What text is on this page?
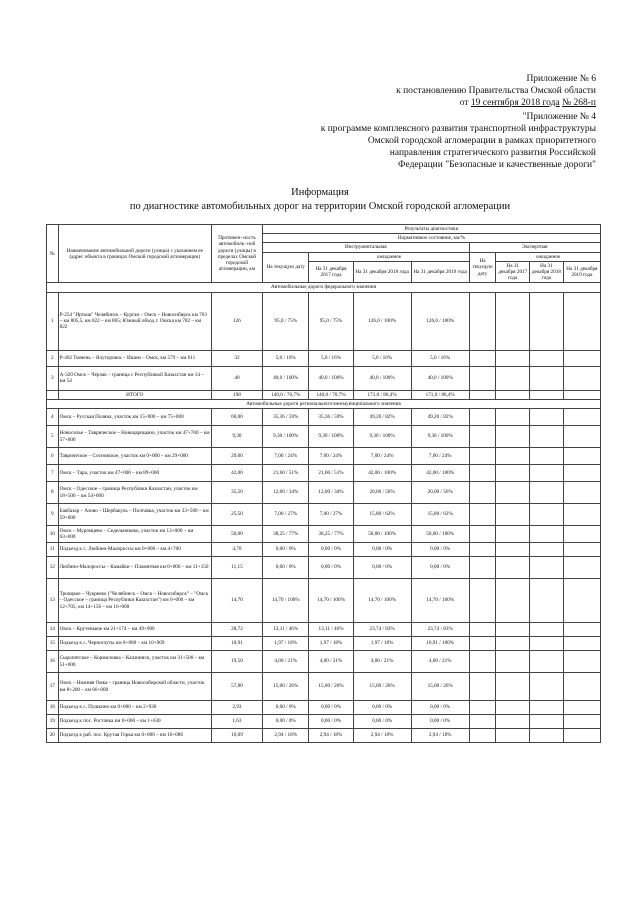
Приложение № 6
к постановлению Правительства Омской области
от 19 сентября 2018 года № 268-п
"Приложение № 4
к программе комплексного развития транспортной инфраструктуры
Омской городской агломерации в рамках приоритетного
направления стратегического развития Российской
Федерации "Безопасные и качественные дороги"
Информация
по диагностике автомобильных дорог на территории Омской городской агломерации
№	Наименование автомобильной дороги (улицы) с указанием ее (адрес объекта в границах Омской городской агломерации)	Протяжен- ность автомобиль- ной дороги (улицы) в пределах Омской городской агломерации, км	Результаты диагностики							
			Нормативное состояние, км/%							
			Инструментальная				Экспертная			
			На текущую дату	ожидаемое			На текущую дату	ожидаемое		
				На 31 декабря 2017 года	На 31 декабря 2018 года	На 31 декабря 2019 года		На 31 декабря 2017 года	На 31 декабря 2018 года	На 31 декабря 2019 года
Автомобильные дороги федерального значения										
1	Р-254 "Иртыш" Челябинск – Курган – Омск – Новосибирск км 763 – км 805,5, км 822 – км 865; Южный обход г. Омска км 782 – км 822	126	95,0 / 75%	95,0 / 75%	126,0 / 100%	126,0 / 100%				
2	Р-402 Тюмень – Ялуторовск – Ишим – Омск, км 579 – км 611	32	5,0 / 16%	5,0 / 16%	5,0 / 16%	5,0 / 16%				
3	А-320 Омск – Черлак – граница с Республикой Казахстан км 14 – км 54	40	40,0 / 100%	40,0 / 100%	40,0 / 100%	40,0 / 100%				
	ИТОГО	198	140,0 / 70,7%	140,0 / 70,7%	171,0 / 86,4%	171,0 / 86,4%				
Автомобильные дороги регионального/межмуниципального значения										
4	Омск – Русская Поляна, участок км 15+000 – км 75+000	60,00	35,36 / 59%	35,36 / 59%	49,20 / 82%	49,20 / 82%				
5	Новоселье – Таврическое – Новоцарицыно, участок км 47+700 – км 57+000	9,30	9,30 / 100%	9,30 / 100%	9,30 / 100%	9,30 / 100%				
6	Таврическое – Сосновское, участок км 0+000 – км 29+000	29,00	7,00 / 24%	7,00 / 24%	7,00 / 24%	7,00 / 24%				
7	Омск – Тара, участок км 47+000 – км 89+000	42,00	21,60 / 51%	21,60 / 51%	42,00 / 100%	42,00 / 100%				
8	Омск – Одесское – граница Республики Казахстан, участок км 18+500 – км 54+000	35,50	12,00 / 34%	12,00 / 34%	20,00 / 56%	20,00 / 56%				
9	Бакбазар – Азово – Шербакуль – Полтавка, участок км 33+500 – км 59+000	25,50	7,00 / 27%	7,00 / 27%	15,80 / 62%	15,80 / 62%				
10	Омск – Муромцево – Седельниково, участок км 13+000 – км 63+000	50,00	38,25 / 77%	38,25 / 77%	50,00 / 100%	50,00 / 100%				
11	Подъезд к с. Любино-Малороссы км 0+000 – км 4+700	4,70	0,00 / 0%	0,00 / 0%	0,00 / 0%	0,00 / 0%				
12	Любино-Малороссы – Камайки – Пламятная км 0+000 – км 11+150	11,15	0,00 / 0%	0,00 / 0%	0,00 / 0%	0,00 / 0%				
13	Троицкое – Чукреево ("Челябинск – Омск – Новосибирск" – "Омск – Одесское – граница Республики Казахстан") км 0+000 – км 12+705, км 14+156 – км 16+000	14,70	14,70 / 100%	14,70 / 100%	14,70 / 100%	14,70 / 100%				
14	Омск – Крутенькое км 21+174 – км 49+900	28,72	13,11 / 46%	13,11 / 46%	23,74 / 83%	23,74 / 83%				
15	Подъезд к с. Черноглуты км 0+000 – км 10+909	10,91	1,97 / 18%	1,97 / 18%	1,97 / 18%	10,91 / 100%				
16	Сыропятское – Кормиловка – Калачинск, участок км 31+500 – км 51+000	19,50	4,00 / 21%	4,00 / 21%	4,00 / 21%	4,00 / 21%				
17	Омск – Нижняя Омка – граница Новосибирской области, участок км 8+200 – км 66+000	57,80	15,00 / 26%	15,00 / 26%	15,00 / 26%	15,00 / 26%				
18	Подъезд к с. Пушкино км 0+000 – км 2+930	2,93	0,00 / 0%	0,00 / 0%	0,00 / 0%	0,00 / 0%				
19	Подъезд к пос. Ростовка км 0+000 – км 1+630	1,63	0,00 / 0%	0,00 / 0%	0,00 / 0%	0,00 / 0%				
20	Подъезд к раб. пос. Крутая Горка км 0+000 – км 16+086	16,09	2,94 / 18%	2,94 / 18%	2,94 / 18%	2,94 / 18%				
